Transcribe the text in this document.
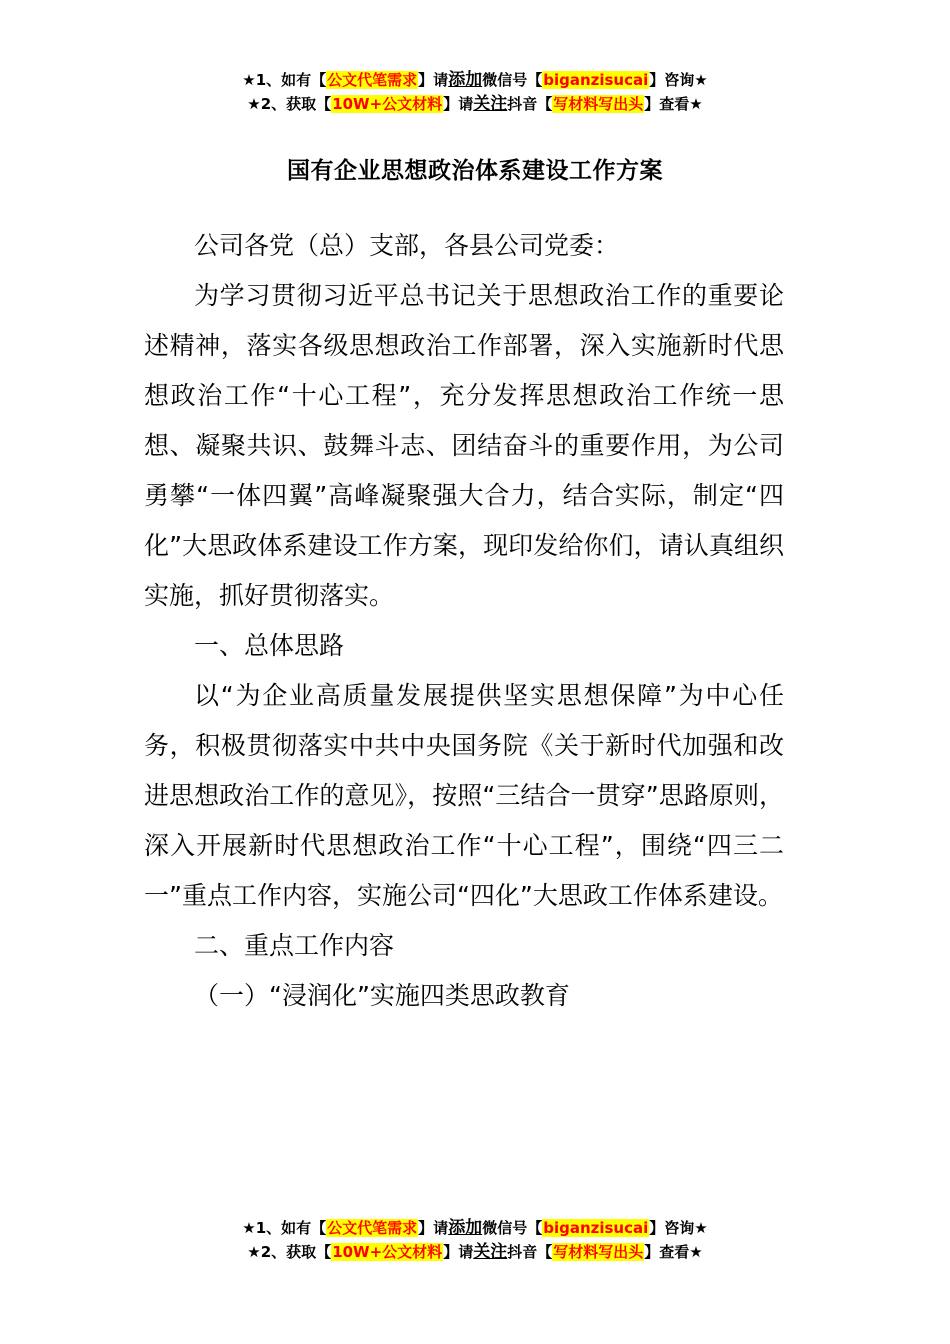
★1、如有【公文代笔需求】请添加微信号【biganzisucai】咨询★
★2、获取【10W+公文材料】请关注抖音【写材料写出头】查看★
国有企业思想政治体系建设工作方案

公司各党（总）支部，各县公司党委：

为学习贯彻习近平总书记关于思想政治工作的重要论述精神，落实各级思想政治工作部署，深入实施新时代思想政治工作“十心工程”，充分发挥思想政治工作统一思想、凝聚共识、鼓舞斗志、团结奋斗的重要作用，为公司勇攀“一体四翼”高峰凝聚强大合力，结合实际，制定“四化”大思政体系建设工作方案，现印发给你们，请认真组织实施，抓好贯彻落实。

一、总体思路

以“为企业高质量发展提供坚实思想保障”为中心任务，积极贯彻落实中共中央国务院《关于新时代加强和改进思想政治工作的意见》，按照“三结合一贯穿”思路原则，深入开展新时代思想政治工作“十心工程”，围绕“四三二一”重点工作内容，实施公司“四化”大思政工作体系建设。

二、重点工作内容

（一）“浸润化”实施四类思政教育

★1、如有【公文代笔需求】请添加微信号【biganzisucai】咨询★
★2、获取【10W+公文材料】请关注抖音【写材料写出头】查看★
